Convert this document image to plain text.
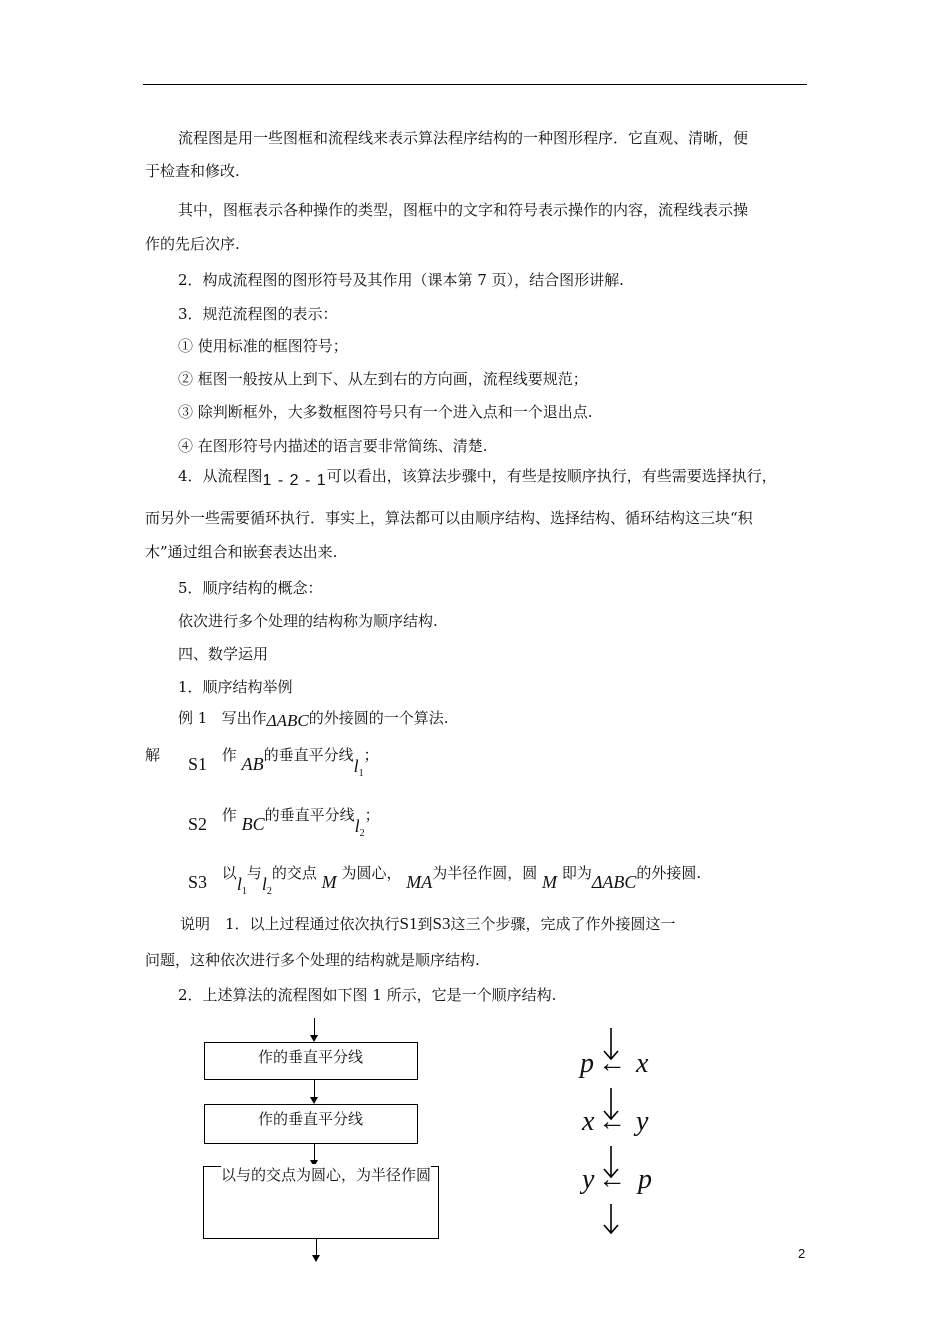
流程图是用一些图框和流程线来表示算法程序结构的一种图形程序．它直观、清晰，便
于检查和修改.
其中，图框表示各种操作的类型，图框中的文字和符号表示操作的内容，流程线表示操
作的先后次序.
2．构成流程图的图形符号及其作用（课本第 7 页），结合图形讲解.
3．规范流程图的表示：
① 使用标准的框图符号；
② 框图一般按从上到下、从左到右的方向画，流程线要规范；
③ 除判断框外，大多数框图符号只有一个进入点和一个退出点.
④ 在图形符号内描述的语言要非常简练、清楚.
4．从流程图1 - 2 - 1可以看出，该算法步骤中，有些是按顺序执行，有些需要选择执行，
而另外一些需要循环执行．事实上，算法都可以由顺序结构、选择结构、循环结构这三块“积
木”通过组合和嵌套表达出来.
5．顺序结构的概念：
依次进行多个处理的结构称为顺序结构.
四、数学运用
1．顺序结构举例
例 1 写出作ΔABC的外接圆的一个算法.
解 S1 作 AB的垂直平分线$l_1$；
S2 作 BC的垂直平分线$l_2$；
S3 以$l_1$与$l_2$的交点 M 为圆心， MA为半径作圆，圆 M 即为ΔABC的外接圆.
说明　1．以上过程通过依次执行S1到S3这三个步骤，完成了作外接圆这一
问题，这种依次进行多个处理的结构就是顺序结构.
2．上述算法的流程图如下图 1 所示，它是一个顺序结构.
作的垂直平分线
作的垂直平分线
以与的交点为圆心，为半径作圆
p ← x
x ← y
y ← p
2
